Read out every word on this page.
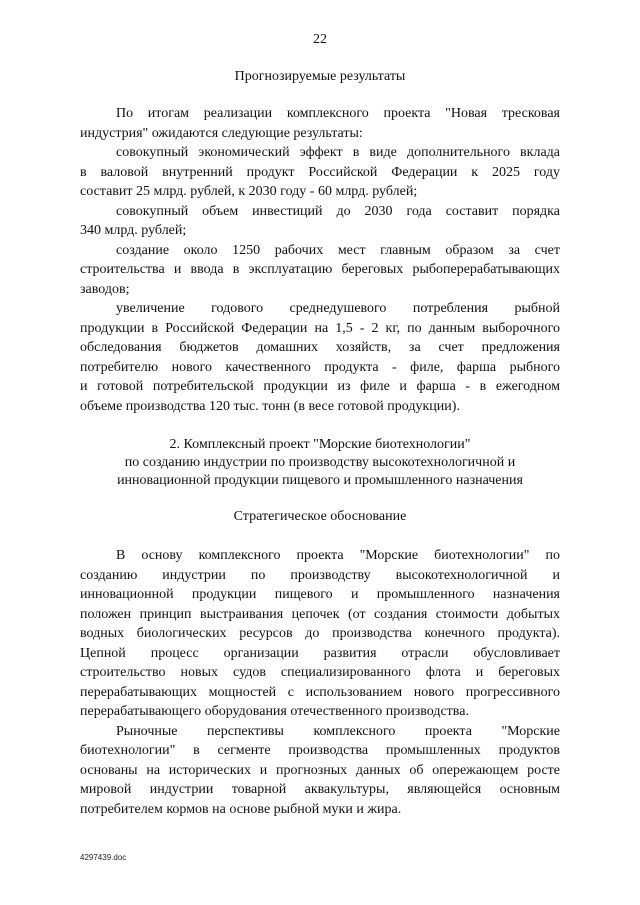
22
Прогнозируемые результаты
По итогам реализации комплексного проекта "Новая тресковая
индустрия" ожидаются следующие результаты:
совокупный экономический эффект в виде дополнительного вклада
в валовой внутренний продукт Российской Федерации к 2025 году
составит 25 млрд. рублей, к 2030 году - 60 млрд. рублей;
совокупный объем инвестиций до 2030 года составит порядка
340 млрд. рублей;
создание около 1250 рабочих мест главным образом за счет
строительства и ввода в эксплуатацию береговых рыбоперерабатывающих
заводов;
увеличение годового среднедушевого потребления рыбной
продукции в Российской Федерации на 1,5 - 2 кг, по данным выборочного
обследования бюджетов домашних хозяйств, за счет предложения
потребителю нового качественного продукта - филе, фарша рыбного
и готовой потребительской продукции из филе и фарша - в ежегодном
объеме производства 120 тыс. тонн (в весе готовой продукции).
2. Комплексный проект "Морские биотехнологии"
по созданию индустрии по производству высокотехнологичной и
инновационной продукции пищевого и промышленного назначения
Стратегическое обоснование
В основу комплексного проекта "Морские биотехнологии" по
созданию индустрии по производству высокотехнологичной и
инновационной продукции пищевого и промышленного назначения
положен принцип выстраивания цепочек (от создания стоимости добытых
водных биологических ресурсов до производства конечного продукта).
Цепной процесс организации развития отрасли обусловливает
строительство новых судов специализированного флота и береговых
перерабатывающих мощностей с использованием нового прогрессивного
перерабатывающего оборудования отечественного производства.
Рыночные перспективы комплексного проекта "Морские
биотехнологии" в сегменте производства промышленных продуктов
основаны на исторических и прогнозных данных об опережающем росте
мировой индустрии товарной аквакультуры, являющейся основным
потребителем кормов на основе рыбной муки и жира.
4297439.doc
